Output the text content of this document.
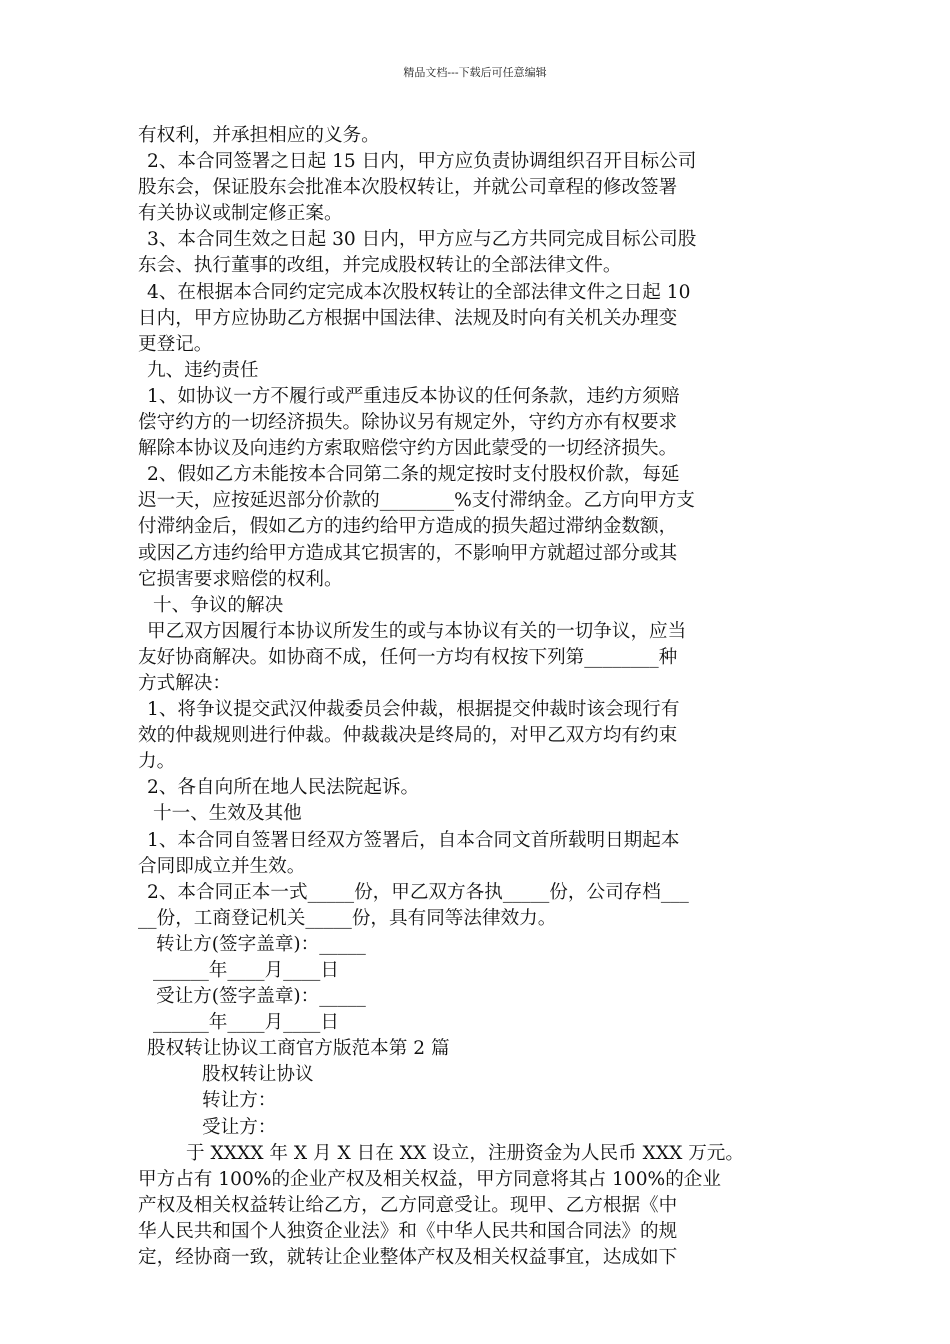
精品文档---下载后可任意编辑
有权利，并承担相应的义务。
2、本合同签署之日起 15 日内，甲方应负责协调组织召开目标公司
股东会，保证股东会批准本次股权转让，并就公司章程的修改签署
有关协议或制定修正案。
3、本合同生效之日起 30 日内，甲方应与乙方共同完成目标公司股
东会、执行董事的改组，并完成股权转让的全部法律文件。
4、在根据本合同约定完成本次股权转让的全部法律文件之日起 10
日内，甲方应协助乙方根据中国法律、法规及时向有关机关办理变
更登记。
九、违约责任
1、如协议一方不履行或严重违反本协议的任何条款，违约方须赔
偿守约方的一切经济损失。除协议另有规定外，守约方亦有权要求
解除本协议及向违约方索取赔偿守约方因此蒙受的一切经济损失。
2、假如乙方未能按本合同第二条的规定按时支付股权价款，每延
迟一天，应按延迟部分价款的________%支付滞纳金。乙方向甲方支
付滞纳金后，假如乙方的违约给甲方造成的损失超过滞纳金数额，
或因乙方违约给甲方造成其它损害的，不影响甲方就超过部分或其
它损害要求赔偿的权利。
十、争议的解决
甲乙双方因履行本协议所发生的或与本协议有关的一切争议，应当
友好协商解决。如协商不成，任何一方均有权按下列第________种
方式解决：
1、将争议提交武汉仲裁委员会仲裁，根据提交仲裁时该会现行有
效的仲裁规则进行仲裁。仲裁裁决是终局的，对甲乙双方均有约束
力。
2、各自向所在地人民法院起诉。
十一、生效及其他
1、本合同自签署日经双方签署后，自本合同文首所载明日期起本
合同即成立并生效。
2、本合同正本一式_____份，甲乙双方各执_____份，公司存档___
__份，工商登记机关_____份，具有同等法律效力。
转让方(签字盖章)：_____
______年____月____日
受让方(签字盖章)：_____
______年____月____日
股权转让协议工商官方版范本第 2 篇
股权转让协议
转让方：
受让方：
于 XXXX 年 X 月 X 日在 XX 设立，注册资金为人民币 XXX 万元。
甲方占有 100%的企业产权及相关权益，甲方同意将其占 100%的企业
产权及相关权益转让给乙方，乙方同意受让。现甲、乙方根据《中
华人民共和国个人独资企业法》和《中华人民共和国合同法》的规
定，经协商一致，就转让企业整体产权及相关权益事宜，达成如下
